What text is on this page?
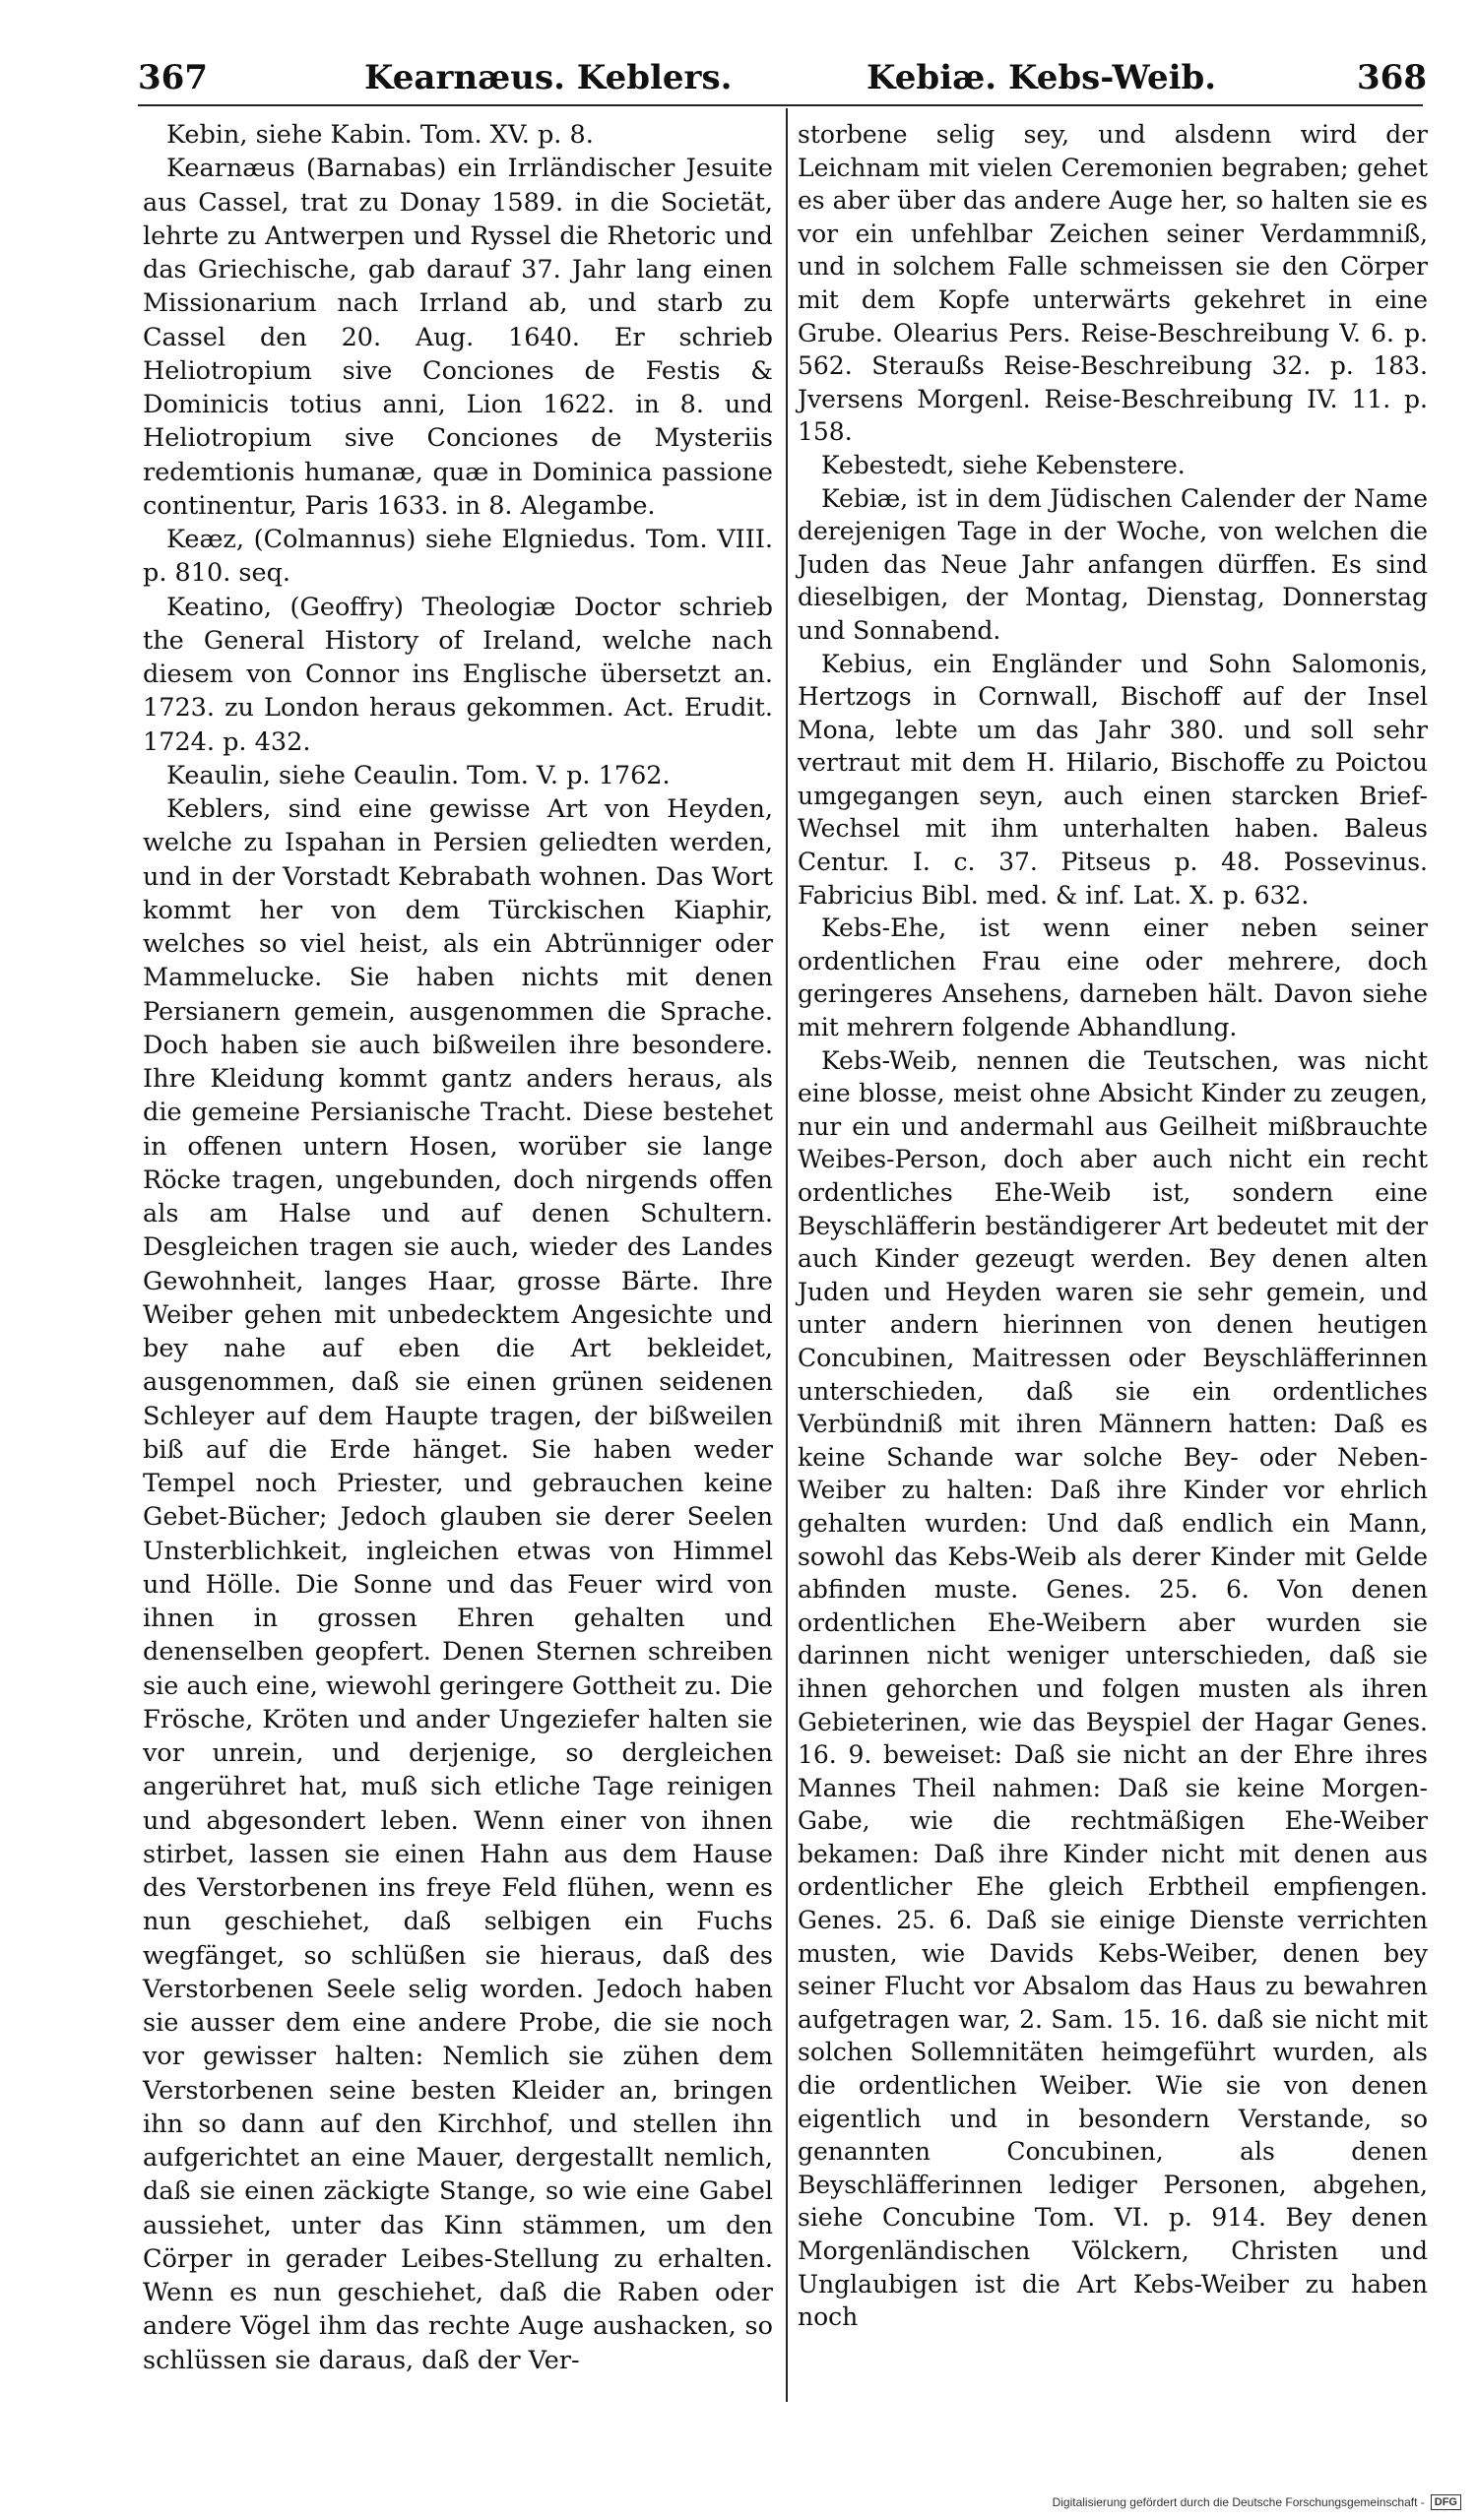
367	Kearnæus. Keblers.	Kebiæ. Kebs-Weib.	368

Kebin, siehe Kabin. Tom. XV. p. 8.

Kearnæus (Barnabas) ein Irrländischer Jesuite aus Cassel, trat zu Donay 1589. in die Societät, lehrte zu Antwerpen und Ryssel die Rhetoric und das Griechische, gab darauf 37. Jahr lang einen Missionarium nach Irrland ab, und starb zu Cassel den 20. Aug. 1640. Er schrieb Heliotropium sive Conciones de Festis & Dominicis totius anni, Lion 1622. in 8. und Heliotropium sive Conciones de Mysteriis redemtionis humanæ, quæ in Dominica passione continentur, Paris 1633. in 8. Alegambe.

Keæz, (Colmannus) siehe Elgniedus. Tom. VIII. p. 810. seq.

Keatino, (Geoffry) Theologiæ Doctor schrieb the General History of Ireland, welche nach diesem von Connor ins Englische übersetzt an. 1723. zu London heraus gekommen. Act. Erudit. 1724. p. 432.

Keaulin, siehe Ceaulin. Tom. V. p. 1762.

Keblers, sind eine gewisse Art von Heyden, welche zu Ispahan in Persien geliedten werden, und in der Vorstadt Kebrabath wohnen. Das Wort kommt her von dem Türckischen Kiaphir, welches so viel heist, als ein Abtrünniger oder Mammelucke. Sie haben nichts mit denen Persianern gemein, ausgenommen die Sprache. Doch haben sie auch bißweilen ihre besondere. Ihre Kleidung kommt gantz anders heraus, als die gemeine Persianische Tracht. Diese bestehet in offenen untern Hosen, worüber sie lange Röcke tragen, ungebunden, doch nirgends offen als am Halse und auf denen Schultern. Desgleichen tragen sie auch, wieder des Landes Gewohnheit, langes Haar, grosse Bärte. Ihre Weiber gehen mit unbedecktem Angesichte und bey nahe auf eben die Art bekleidet, ausgenommen, daß sie einen grünen seidenen Schleyer auf dem Haupte tragen, der bißweilen biß auf die Erde hänget. Sie haben weder Tempel noch Priester, und gebrauchen keine Gebet-Bücher; Jedoch glauben sie derer Seelen Unsterblichkeit, ingleichen etwas von Himmel und Hölle. Die Sonne und das Feuer wird von ihnen in grossen Ehren gehalten und denenselben geopfert. Denen Sternen schreiben sie auch eine, wiewohl geringere Gottheit zu. Die Frösche, Kröten und ander Ungeziefer halten sie vor unrein, und derjenige, so dergleichen angerühret hat, muß sich etliche Tage reinigen und abgesondert leben. Wenn einer von ihnen stirbet, lassen sie einen Hahn aus dem Hause des Verstorbenen ins freye Feld flühen, wenn es nun geschiehet, daß selbigen ein Fuchs wegfänget, so schlüßen sie hieraus, daß des Verstorbenen Seele selig worden. Jedoch haben sie ausser dem eine andere Probe, die sie noch vor gewisser halten: Nemlich sie zühen dem Verstorbenen seine besten Kleider an, bringen ihn so dann auf den Kirchhof, und stellen ihn aufgerichtet an eine Mauer, dergestallt nemlich, daß sie einen zäckigte Stange, so wie eine Gabel aussiehet, unter das Kinn stämmen, um den Cörper in gerader Leibes-Stellung zu erhalten. Wenn es nun geschiehet, daß die Raben oder andere Vögel ihm das rechte Auge aushacken, so schlüssen sie daraus, daß der Ver-

storbene selig sey, und alsdenn wird der Leichnam mit vielen Ceremonien begraben; gehet es aber über das andere Auge her, so halten sie es vor ein unfehlbar Zeichen seiner Verdammniß, und in solchem Falle schmeissen sie den Cörper mit dem Kopfe unterwärts gekehret in eine Grube. Olearius Pers. Reise-Beschreibung V. 6. p. 562. Steraußs Reise-Beschreibung 32. p. 183. Jversens Morgenl. Reise-Beschreibung IV. 11. p. 158.

Kebestedt, siehe Kebenstere.

Kebiæ, ist in dem Jüdischen Calender der Name derejenigen Tage in der Woche, von welchen die Juden das Neue Jahr anfangen dürffen. Es sind dieselbigen, der Montag, Dienstag, Donnerstag und Sonnabend.

Kebius, ein Engländer und Sohn Salomonis, Hertzogs in Cornwall, Bischoff auf der Insel Mona, lebte um das Jahr 380. und soll sehr vertraut mit dem H. Hilario, Bischoffe zu Poictou umgegangen seyn, auch einen starcken Brief-Wechsel mit ihm unterhalten haben. Baleus Centur. I. c. 37. Pitseus p. 48. Possevinus. Fabricius Bibl. med. & inf. Lat. X. p. 632.

Kebs-Ehe, ist wenn einer neben seiner ordentlichen Frau eine oder mehrere, doch geringeres Ansehens, darneben hält. Davon siehe mit mehrern folgende Abhandlung.

Kebs-Weib, nennen die Teutschen, was nicht eine blosse, meist ohne Absicht Kinder zu zeugen, nur ein und andermahl aus Geilheit mißbrauchte Weibes-Person, doch aber auch nicht ein recht ordentliches Ehe-Weib ist, sondern eine Beyschläfferin beständigerer Art bedeutet mit der auch Kinder gezeugt werden. Bey denen alten Juden und Heyden waren sie sehr gemein, und unter andern hierinnen von denen heutigen Concubinen, Maitressen oder Beyschläfferinnen unterschieden, daß sie ein ordentliches Verbündniß mit ihren Männern hatten: Daß es keine Schande war solche Bey- oder Neben-Weiber zu halten: Daß ihre Kinder vor ehrlich gehalten wurden: Und daß endlich ein Mann, sowohl das Kebs-Weib als derer Kinder mit Gelde abfinden muste. Genes. 25. 6. Von denen ordentlichen Ehe-Weibern aber wurden sie darinnen nicht weniger unterschieden, daß sie ihnen gehorchen und folgen musten als ihren Gebieterinen, wie das Beyspiel der Hagar Genes. 16. 9. beweiset: Daß sie nicht an der Ehre ihres Mannes Theil nahmen: Daß sie keine Morgen-Gabe, wie die rechtmäßigen Ehe-Weiber bekamen: Daß ihre Kinder nicht mit denen aus ordentlicher Ehe gleich Erbtheil empfiengen. Genes. 25. 6. Daß sie einige Dienste verrichten musten, wie Davids Kebs-Weiber, denen bey seiner Flucht vor Absalom das Haus zu bewahren aufgetragen war, 2. Sam. 15. 16. daß sie nicht mit solchen Sollemnitäten heimgeführt wurden, als die ordentlichen Weiber. Wie sie von denen eigentlich und in besondern Verstande, so genannten Concubinen, als denen Beyschläfferinnen lediger Personen, abgehen, siehe Concubine Tom. VI. p. 914. Bey denen Morgenländischen Völckern, Christen und Unglaubigen ist die Art Kebs-Weiber zu haben noch

Digitalisierung gefördert durch die Deutsche Forschungsgemeinschaft - DFG
